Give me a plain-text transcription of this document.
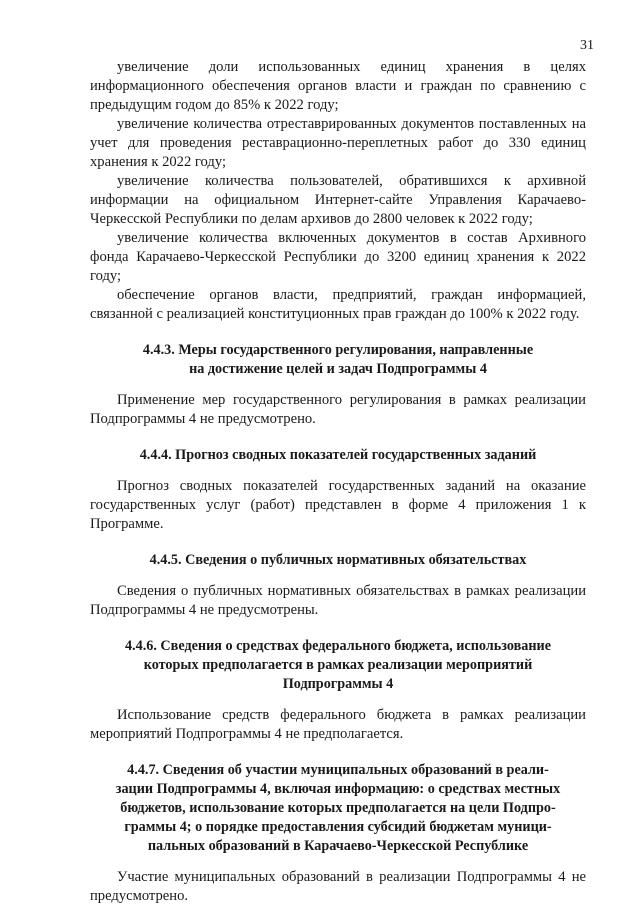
31

увеличение доли использованных единиц хранения в целях информационного обеспечения органов власти и граждан по сравнению с предыдущим годом до 85% к 2022 году;

увеличение количества отреставрированных документов поставленных на учет для проведения реставрационно-переплетных работ до 330 единиц хранения к 2022 году;

увеличение количества пользователей, обратившихся к архивной информации на официальном Интернет-сайте Управления Карачаево-Черкесской Республики по делам архивов до 2800 человек к 2022 году;

увеличение количества включенных документов в состав Архивного фонда Карачаево-Черкесской Республики до 3200 единиц хранения к 2022 году;

обеспечение органов власти, предприятий, граждан информацией, связанной с реализацией конституционных прав граждан до 100% к 2022 году.

4.4.3. Меры государственного регулирования, направленные
на достижение целей и задач Подпрограммы 4

Применение мер государственного регулирования в рамках реализации Подпрограммы 4 не предусмотрено.

4.4.4. Прогноз сводных показателей государственных заданий

Прогноз сводных показателей государственных заданий на оказание государственных услуг (работ) представлен в форме 4 приложения 1 к Программе.

4.4.5. Сведения о публичных нормативных обязательствах

Сведения о публичных нормативных обязательствах в рамках реализации Подпрограммы 4 не предусмотрены.

4.4.6. Сведения о средствах федерального бюджета, использование
которых предполагается в рамках реализации мероприятий
Подпрограммы 4

Использование средств федерального бюджета в рамках реализации мероприятий Подпрограммы 4 не предполагается.

4.4.7. Сведения об участии муниципальных образований в реали-
зации Подпрограммы 4, включая информацию: о средствах местных
бюджетов, использование которых предполагается на цели Подпро-
граммы 4; о порядке предоставления субсидий бюджетам муници-
пальных образований в Карачаево-Черкесской Республике

Участие муниципальных образований в реализации Подпрограммы 4 не предусмотрено.
